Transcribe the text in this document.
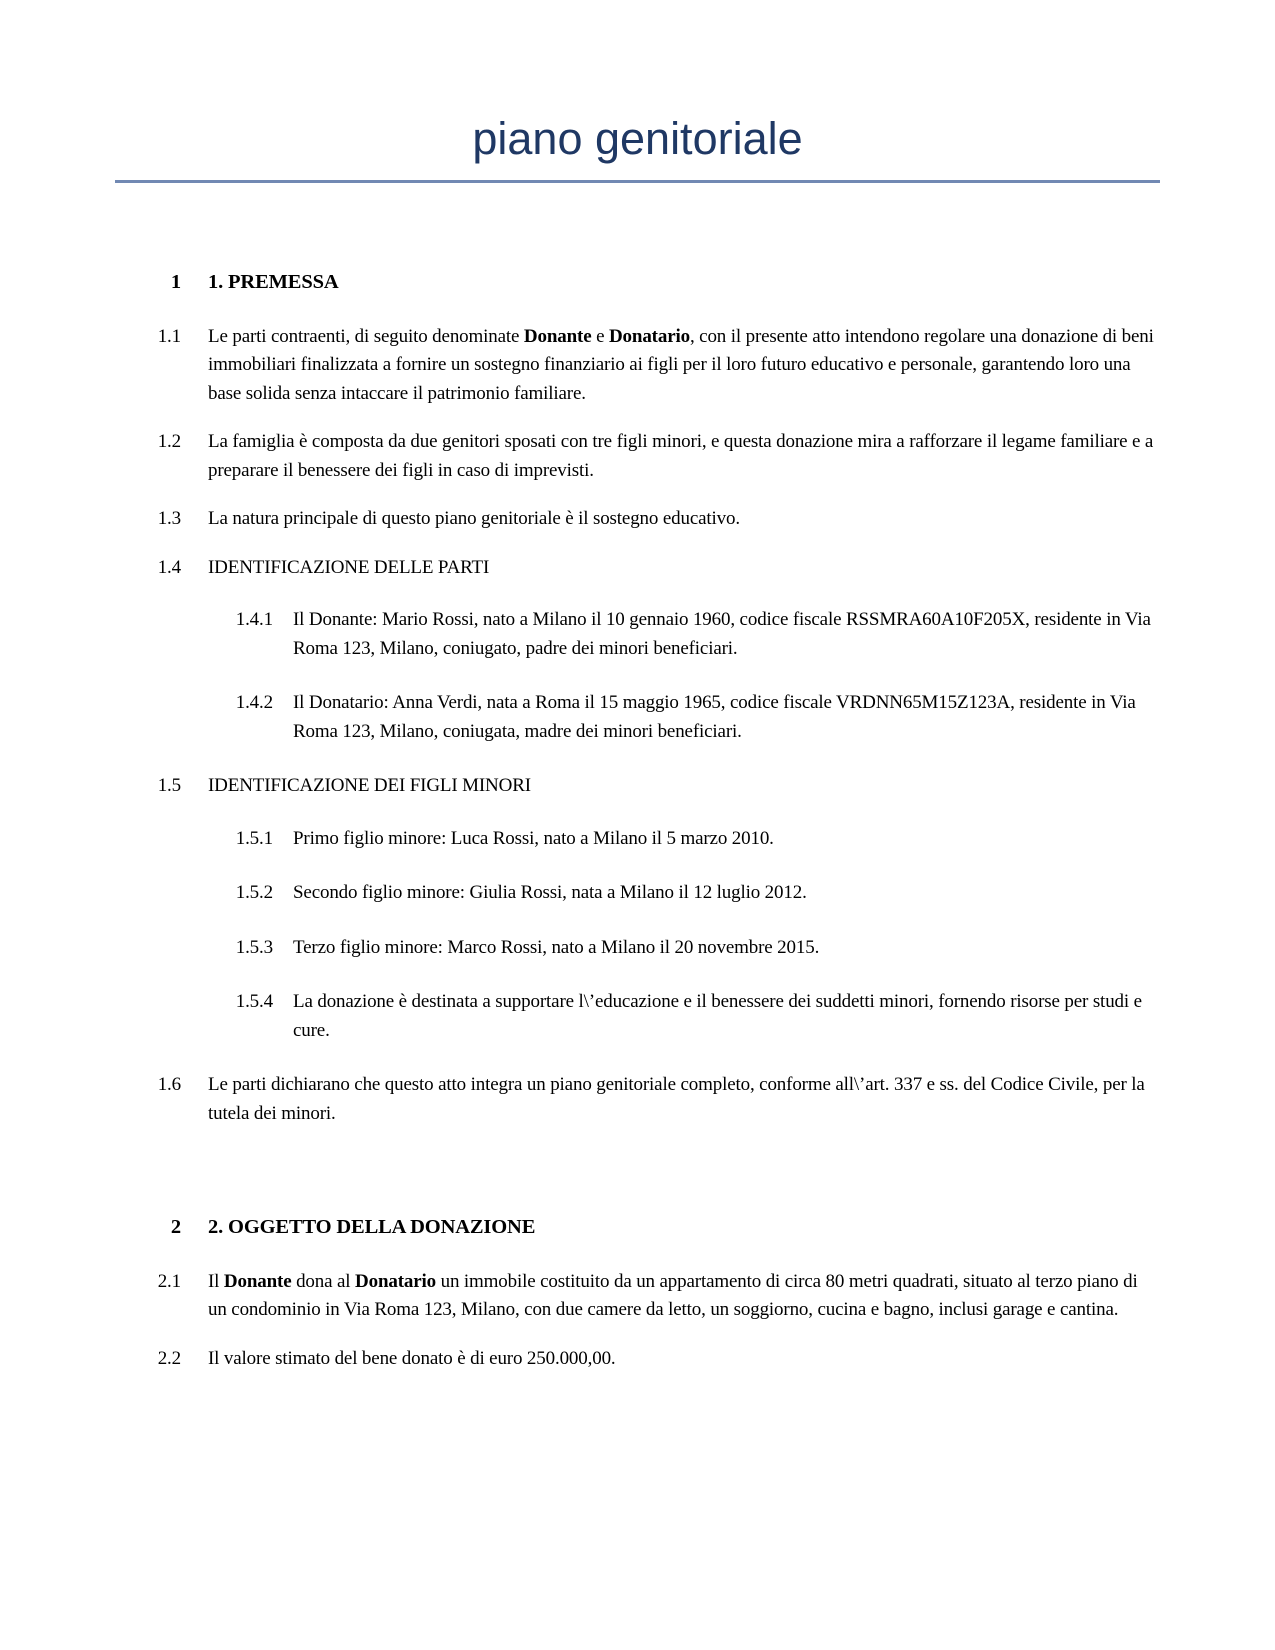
piano genitoriale
1 1. PREMESSA
1.1 Le parti contraenti, di seguito denominate Donante e Donatario, con il presente atto intendono regolare una donazione di beni immobiliari finalizzata a fornire un sostegno finanziario ai figli per il loro futuro educativo e personale, garantendo loro una base solida senza intaccare il patrimonio familiare.
1.2 La famiglia è composta da due genitori sposati con tre figli minori, e questa donazione mira a rafforzare il legame familiare e a preparare il benessere dei figli in caso di imprevisti.
1.3 La natura principale di questo piano genitoriale è il sostegno educativo.
1.4 IDENTIFICAZIONE DELLE PARTI
1.4.1 Il Donante: Mario Rossi, nato a Milano il 10 gennaio 1960, codice fiscale RSSMRA60A10F205X, residente in Via Roma 123, Milano, coniugato, padre dei minori beneficiari.
1.4.2 Il Donatario: Anna Verdi, nata a Roma il 15 maggio 1965, codice fiscale VRDNN65M15Z123A, residente in Via Roma 123, Milano, coniugata, madre dei minori beneficiari.
1.5 IDENTIFICAZIONE DEI FIGLI MINORI
1.5.1 Primo figlio minore: Luca Rossi, nato a Milano il 5 marzo 2010.
1.5.2 Secondo figlio minore: Giulia Rossi, nata a Milano il 12 luglio 2012.
1.5.3 Terzo figlio minore: Marco Rossi, nato a Milano il 20 novembre 2015.
1.5.4 La donazione è destinata a supportare l\’educazione e il benessere dei suddetti minori, fornendo risorse per studi e cure.
1.6 Le parti dichiarano che questo atto integra un piano genitoriale completo, conforme all\’art. 337 e ss. del Codice Civile, per la tutela dei minori.
2 2. OGGETTO DELLA DONAZIONE
2.1 Il Donante dona al Donatario un immobile costituito da un appartamento di circa 80 metri quadrati, situato al terzo piano di un condominio in Via Roma 123, Milano, con due camere da letto, un soggiorno, cucina e bagno, inclusi garage e cantina.
2.2 Il valore stimato del bene donato è di euro 250.000,00.
